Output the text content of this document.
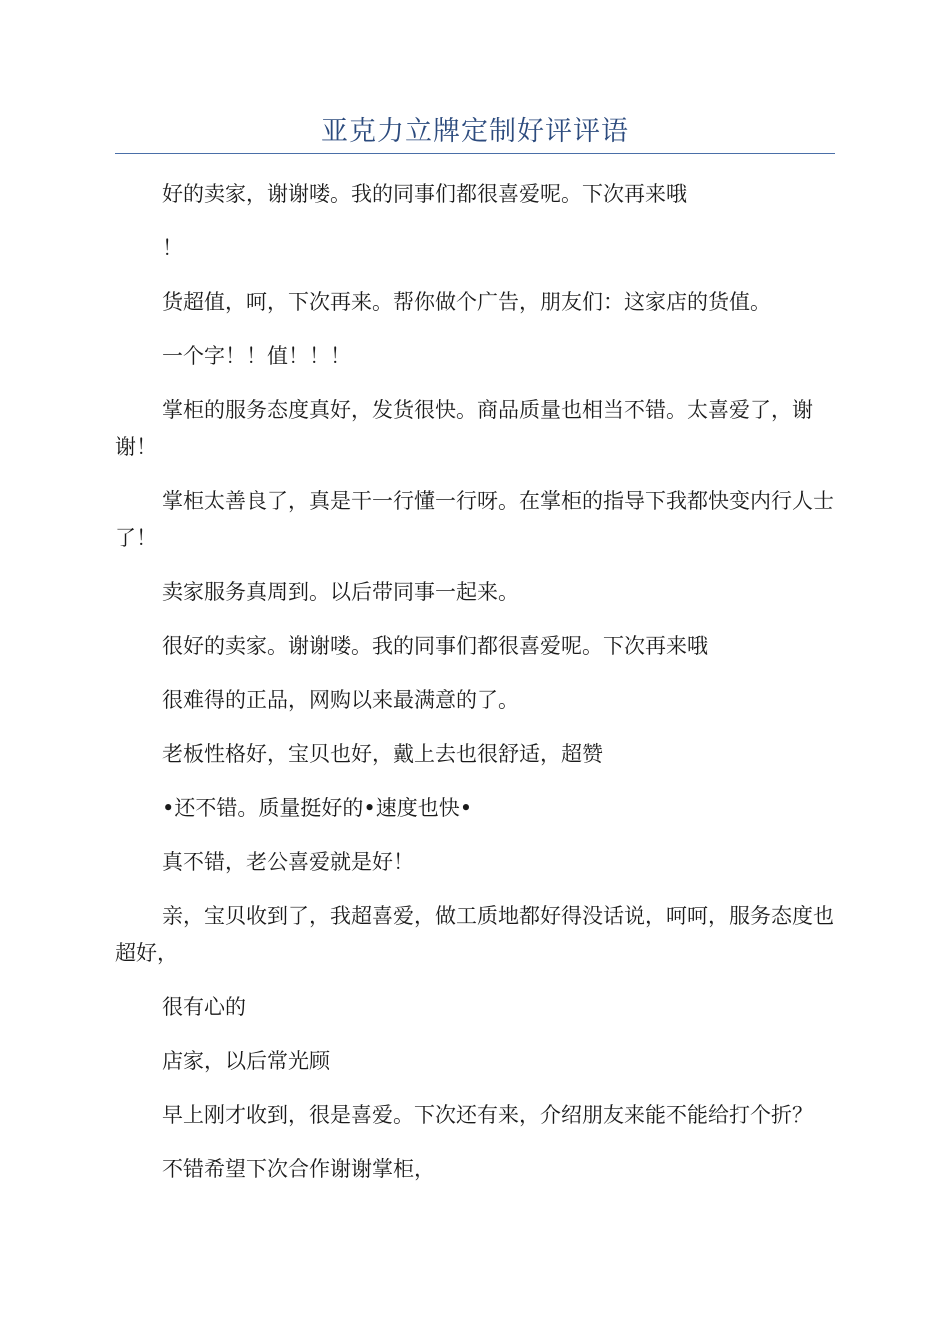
亚克力立牌定制好评评语

好的卖家，谢谢喽。我的同事们都很喜爱呢。下次再来哦

！

货超值，呵，下次再来。帮你做个广告，朋友们：这家店的货值。

一个字！！值！！！

掌柜的服务态度真好，发货很快。商品质量也相当不错。太喜爱了，谢谢！

掌柜太善良了，真是干一行懂一行呀。在掌柜的指导下我都快变内行人士了！

卖家服务真周到。以后带同事一起来。

很好的卖家。谢谢喽。我的同事们都很喜爱呢。下次再来哦

很难得的正品，网购以来最满意的了。

老板性格好，宝贝也好，戴上去也很舒适，超赞

•还不错。质量挺好的•速度也快•

真不错，老公喜爱就是好！

亲，宝贝收到了，我超喜爱，做工质地都好得没话说，呵呵，服务态度也超好，

很有心的

店家，以后常光顾

早上刚才收到，很是喜爱。下次还有来，介绍朋友来能不能给打个折？

不错希望下次合作谢谢掌柜，
